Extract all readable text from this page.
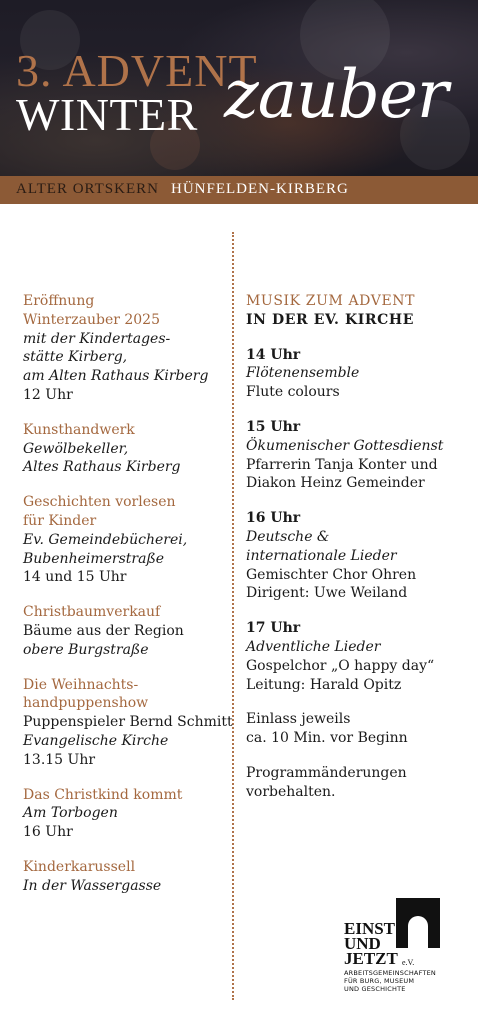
3. ADVENT
WINTER zauber
ALTER ORTSKERN HÜNFELDEN-KIRBERG
Eröffnung
Winterzauber 2025
mit der Kindertages-
stätte Kirberg,
am Alten Rathaus Kirberg
12 Uhr
Kunsthandwerk
Gewölbekeller,
Altes Rathaus Kirberg
Geschichten vorlesen
für Kinder
Ev. Gemeindebücherei,
Bubenheimerstraße
14 und 15 Uhr
Christbaumverkauf
Bäume aus der Region
obere Burgstraße
Die Weihnachts-
handpuppenshow
Puppenspieler Bernd Schmitt
Evangelische Kirche
13.15 Uhr
Das Christkind kommt
Am Torbogen
16 Uhr
Kinderkarussell
In der Wassergasse
MUSIK ZUM ADVENT
IN DER EV. KIRCHE
14 Uhr
Flötenensemble
Flute colours
15 Uhr
Ökumenischer Gottesdienst
Pfarrerin Tanja Konter und
Diakon Heinz Gemeinder
16 Uhr
Deutsche &
internationale Lieder
Gemischter Chor Ohren
Dirigent: Uwe Weiland
17 Uhr
Adventliche Lieder
Gospelchor „O happy day“
Leitung: Harald Opitz
Einlass jeweils
ca. 10 Min. vor Beginn
Programmänderungen
vorbehalten.
EINST
UND
JETZT e.V.
ARBEITSGEMEINSCHAFTEN
FÜR BURG, MUSEUM
UND GESCHICHTE
